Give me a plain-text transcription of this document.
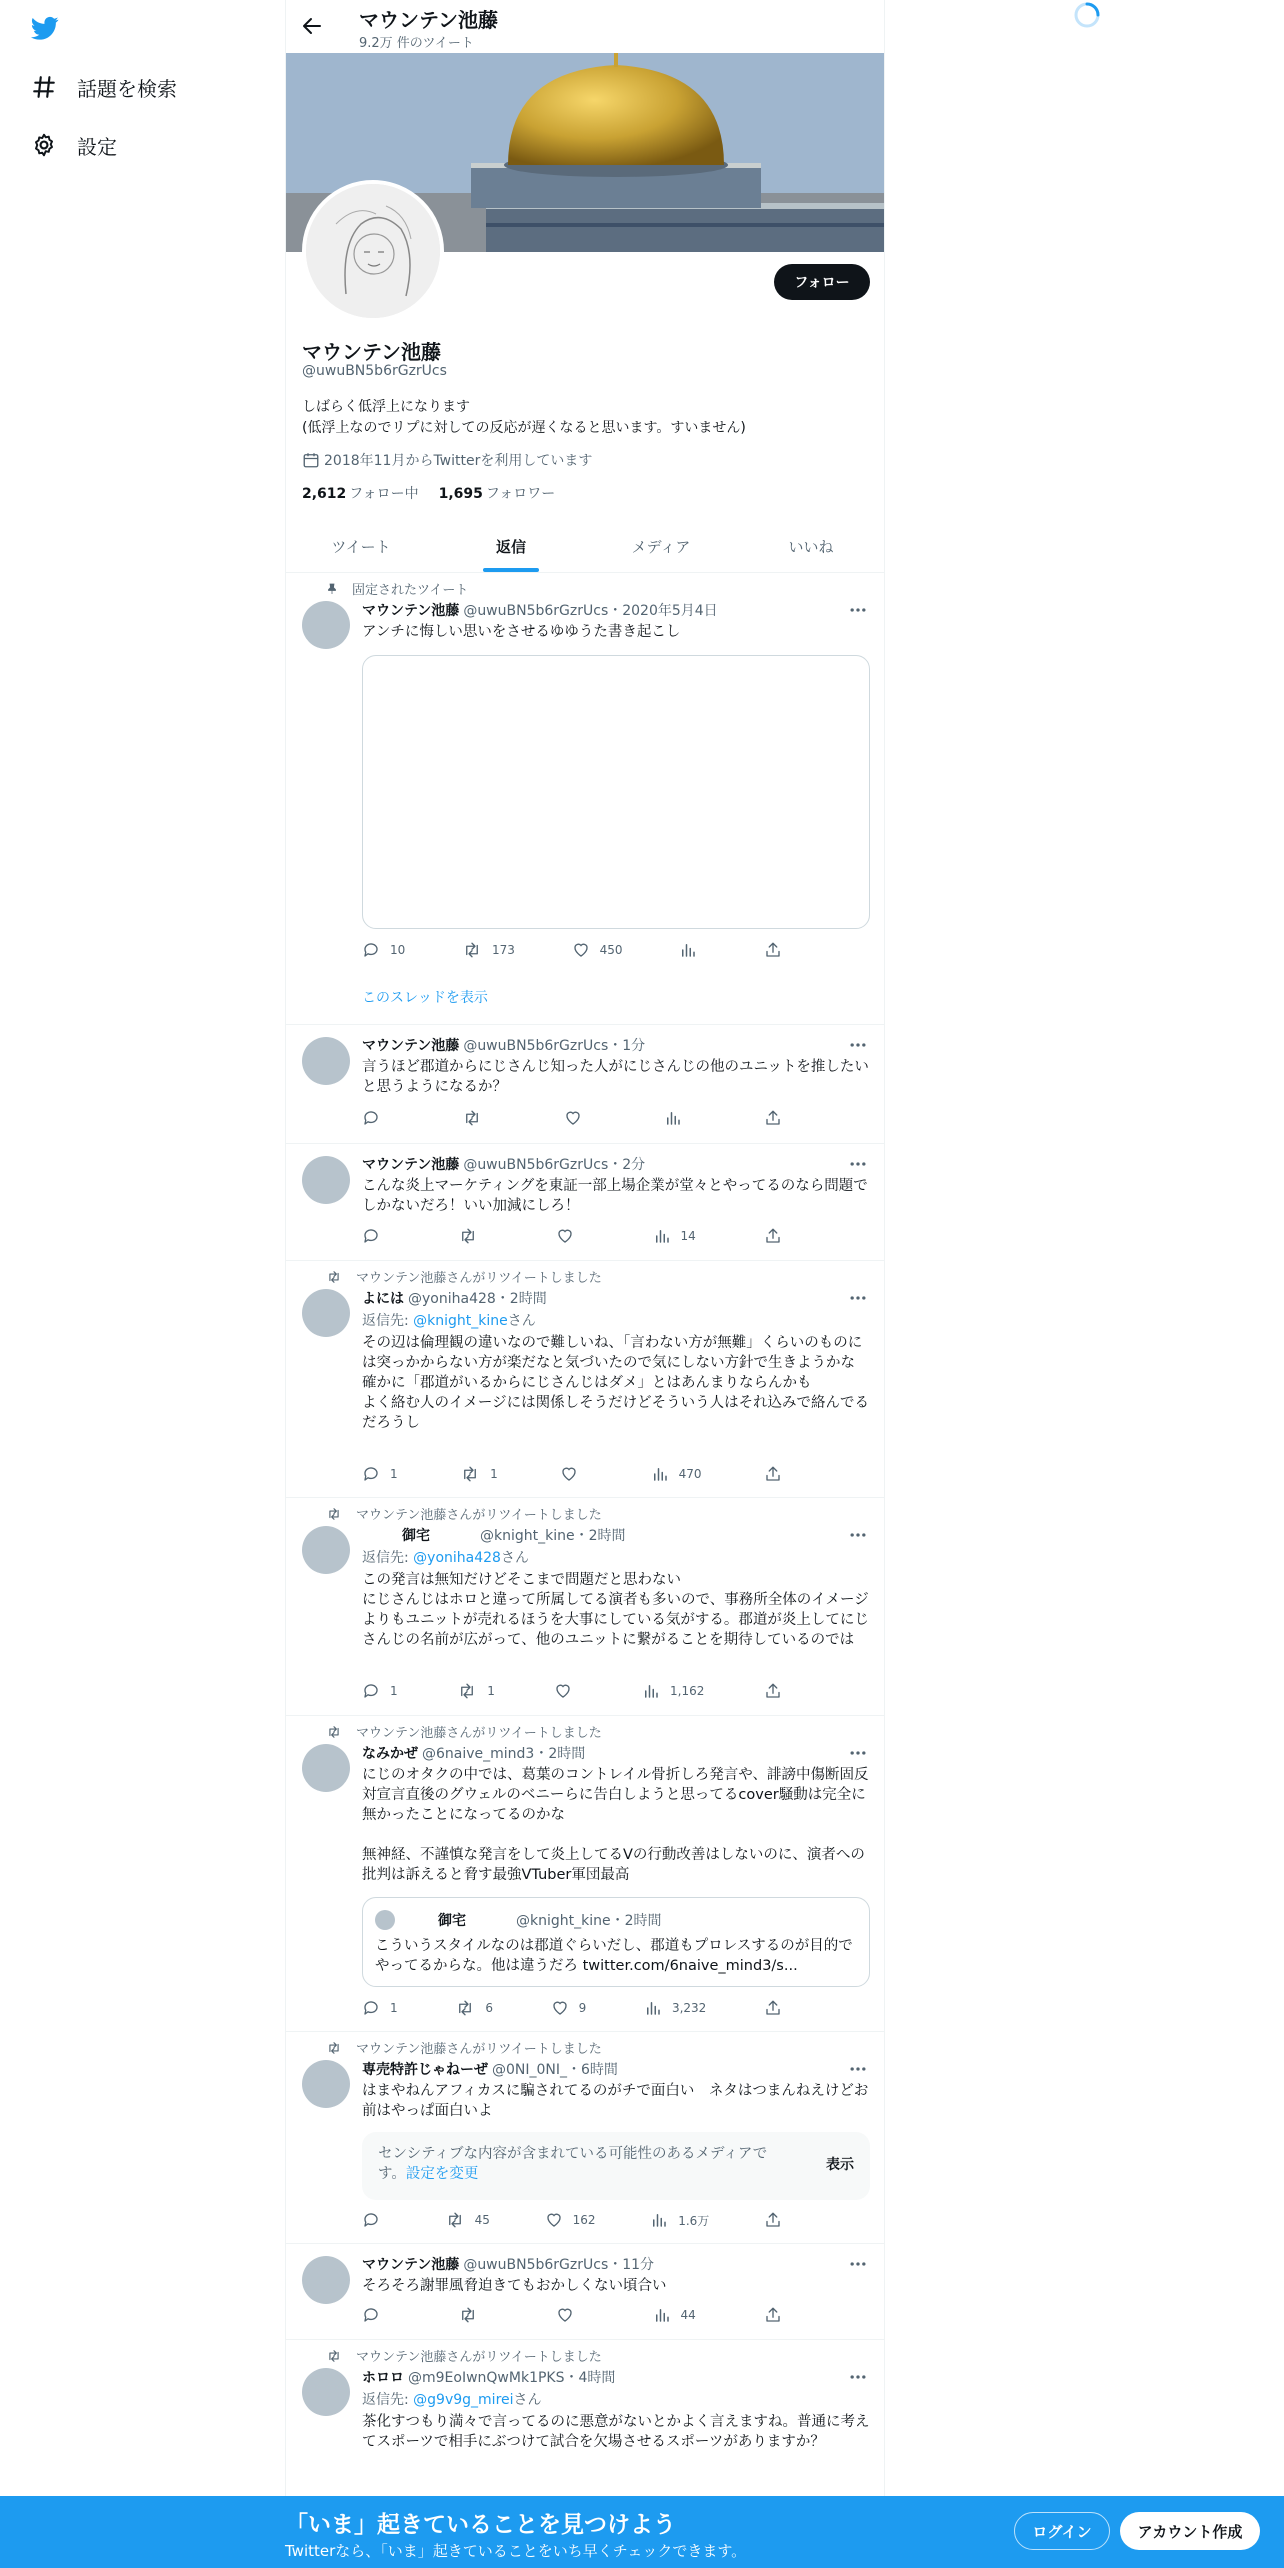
話題を検索
設定
マウンテン池藤
9.2万 件のツイート
フォロー
マウンテン池藤
@uwuBN5b6rGzrUcs
しばらく低浮上になります
(低浮上なのでリプに対しての反応が遅くなると思います。すいません)
2018年11月からTwitterを利用しています
2,612 フォロー中 1,695 フォロワー
ツイート	返信	メディア	いいね
固定されたツイート
マウンテン池藤 @uwuBN5b6rGzrUcs・2020年5月4日
アンチに悔しい思いをさせるゆゆうた書き起こし
10	173	450
このスレッドを表示
マウンテン池藤 @uwuBN5b6rGzrUcs・1分
言うほど郡道からにじさんじ知った人がにじさんじの他のユニットを推したいと思うようになるか？
マウンテン池藤 @uwuBN5b6rGzrUcs・2分
こんな炎上マーケティングを東証一部上場企業が堂々とやってるのなら問題でしかないだろ！いい加減にしろ！
14
マウンテン池藤さんがリツイートしました
よには @yoniha428・2時間
返信先: @knight_kineさん
その辺は倫理観の違いなので難しいね、「言わない方が無難」くらいのものには突っかからない方が楽だなと気づいたので気にしない方針で生きようかな
確かに「郡道がいるからにじさんじはダメ」とはあんまりならんかも
よく絡む人のイメージには関係しそうだけどそういう人はそれ込みで絡んでるだろうし
1	1	470
マウンテン池藤さんがリツイートしました
御宅	@knight_kine・2時間
返信先: @yoniha428さん
この発言は無知だけどそこまで問題だと思わない
にじさんじはホロと違って所属してる演者も多いので、事務所全体のイメージよりもユニットが売れるほうを大事にしている気がする。郡道が炎上してにじさんじの名前が広がって、他のユニットに繋がることを期待しているのでは
1	1	1,162
マウンテン池藤さんがリツイートしました
なみかぜ @6naive_mind3・2時間
にじのオタクの中では、葛葉のコントレイル骨折しろ発言や、誹謗中傷断固反対宣言直後のグウェルのベニーらに告白しようと思ってるcover騒動は完全に無かったことになってるのかな

無神経、不謹慎な発言をして炎上してるVの行動改善はしないのに、演者への批判は訴えると脅す最強VTuber軍団最高
御宅	@knight_kine・2時間
こういうスタイルなのは郡道ぐらいだし、郡道もプロレスするのが目的でやってるからな。他は違うだろ twitter.com/6naive_mind3/s...
1	6	9	3,232
マウンテン池藤さんがリツイートしました
専売特許じゃねーぜ @0NI_0NI_・6時間
はまやねんアフィカスに騙されてるのがチで面白い　ネタはつまんねえけどお前はやっぱ面白いよ
センシティブな内容が含まれている可能性のあるメディアです。設定を変更
表示
45	162	1.6万
マウンテン池藤 @uwuBN5b6rGzrUcs・11分
そろそろ謝罪風脅迫きてもおかしくない頃合い
44
マウンテン池藤さんがリツイートしました
ホロロ @m9EoIwnQwMk1PKS・4時間
返信先: @g9v9g_mireiさん
茶化すつもり満々で言ってるのに悪意がないとかよく言えますね。普通に考えてスポーツで相手にぶつけて試合を欠場させるスポーツがありますか？
「いま」起きていることを見つけよう
Twitterなら、「いま」起きていることをいち早くチェックできます。
ログイン	アカウント作成
